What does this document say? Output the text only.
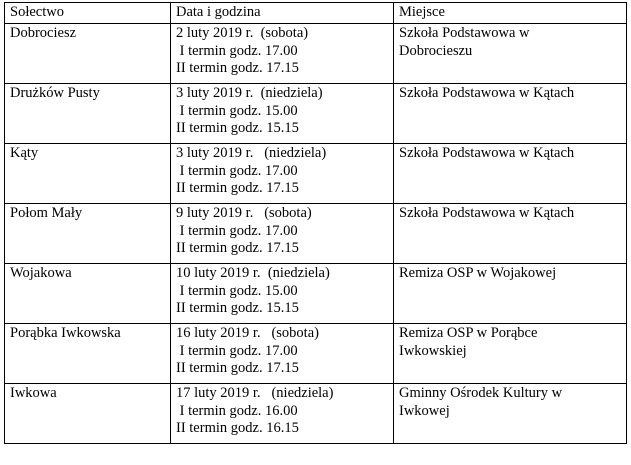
Sołectwo	Data i godzina	Miejsce
Dobrociesz	2 luty 2019 r.  (sobota)
I termin godz. 17.00
II termin godz. 17.15	Szkoła Podstawowa w
Dobrocieszu

Drużków Pusty	3 luty 2019 r.  (niedziela)
I termin godz. 15.00
II termin godz. 15.15	Szkoła Podstawowa w Kątach

Kąty	3 luty 2019 r.   (niedziela)
I termin godz. 17.00
II termin godz. 17.15	Szkoła Podstawowa w Kątach

Połom Mały	9 luty 2019 r.   (sobota)
I termin godz. 17.00
II termin godz. 17.15	Szkoła Podstawowa w Kątach

Wojakowa	10 luty 2019 r.  (niedziela)
I termin godz. 15.00
II termin godz. 15.15	Remiza OSP w Wojakowej

Porąbka Iwkowska	16 luty 2019 r.   (sobota)
I termin godz. 17.00
II termin godz. 17.15	Remiza OSP w Porąbce
Iwkowskiej

Iwkowa	17 luty 2019 r.   (niedziela)
I termin godz. 16.00
II termin godz. 16.15	Gminny Ośrodek Kultury w
Iwkowej
